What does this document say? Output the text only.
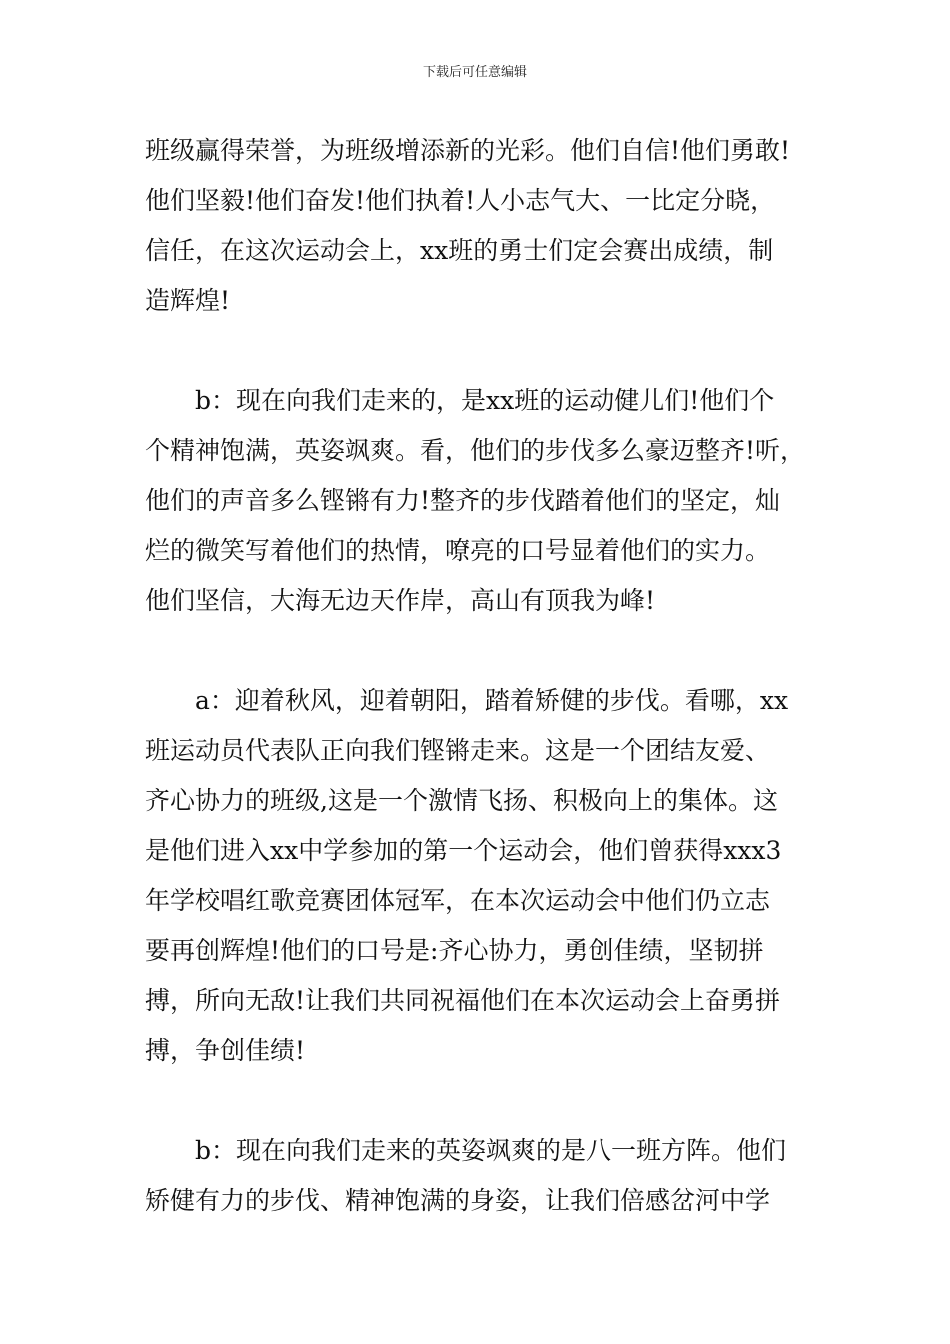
下载后可任意编辑
班级赢得荣誉，为班级增添新的光彩。他们自信!他们勇敢!
他们坚毅!他们奋发!他们执着!人小志气大、一比定分晓，
信任，在这次运动会上，xx班的勇士们定会赛出成绩，制
造辉煌!
b：现在向我们走来的，是xx班的运动健儿们!他们个
个精神饱满，英姿飒爽。看，他们的步伐多么豪迈整齐!听，
他们的声音多么铿锵有力!整齐的步伐踏着他们的坚定，灿
烂的微笑写着他们的热情，嘹亮的口号显着他们的实力。
他们坚信，大海无边天作岸，高山有顶我为峰!
a：迎着秋风，迎着朝阳，踏着矫健的步伐。看哪，xx
班运动员代表队正向我们铿锵走来。这是一个团结友爱、
齐心协力的班级,这是一个激情飞扬、积极向上的集体。这
是他们进入xx中学参加的第一个运动会，他们曾获得xxx3
年学校唱红歌竞赛团体冠军，在本次运动会中他们仍立志
要再创辉煌!他们的口号是:齐心协力，勇创佳绩，坚韧拼
搏，所向无敌!让我们共同祝福他们在本次运动会上奋勇拼
搏，争创佳绩!
b：现在向我们走来的英姿飒爽的是八一班方阵。他们
矫健有力的步伐、精神饱满的身姿，让我们倍感岔河中学
